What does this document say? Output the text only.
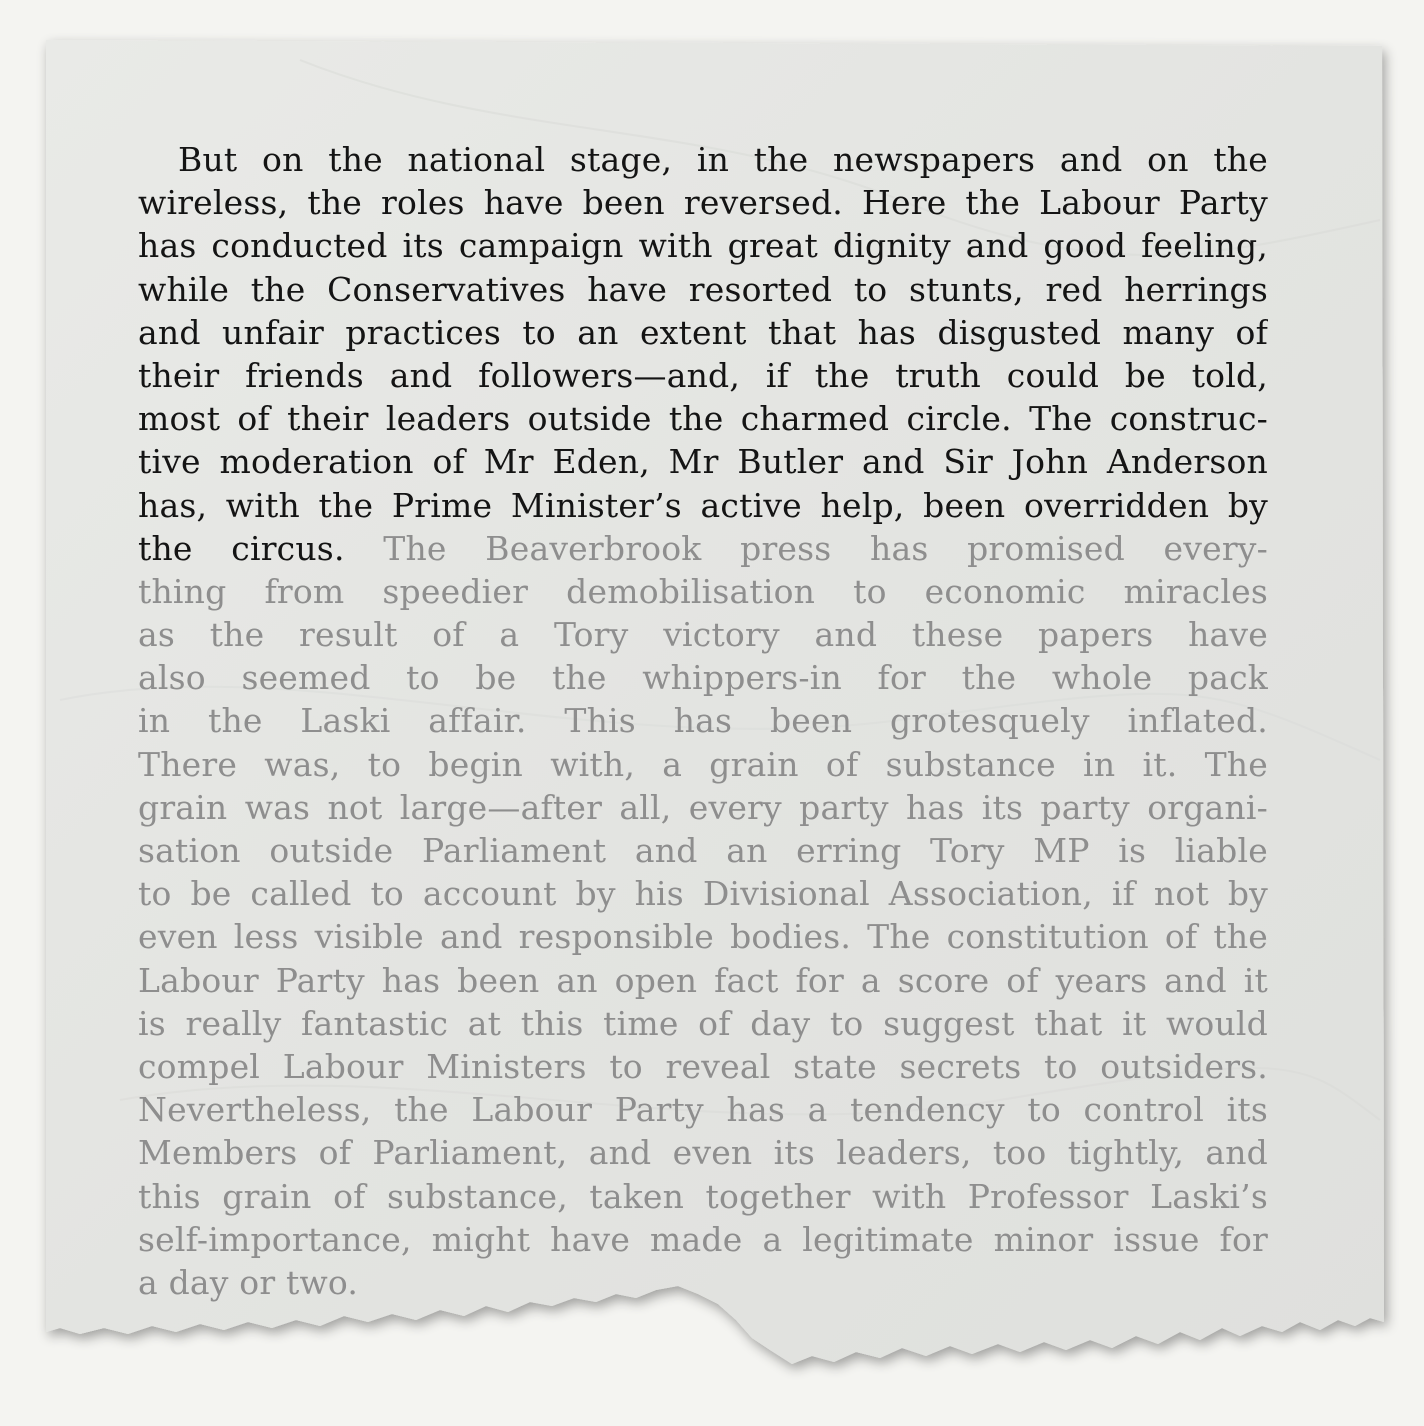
But on the national stage, in the newspapers and on the
wireless, the roles have been reversed. Here the Labour Party
has conducted its campaign with great dignity and good feeling,
while the Conservatives have resorted to stunts, red herrings
and unfair practices to an extent that has disgusted many of
their friends and followers—and, if the truth could be told,
most of their leaders outside the charmed circle. The construc-
tive moderation of Mr Eden, Mr Butler and Sir John Anderson
has, with the Prime Minister’s active help, been overridden by
the circus. The Beaverbrook press has promised every-
thing from speedier demobilisation to economic miracles
as the result of a Tory victory and these papers have
also seemed to be the whippers-in for the whole pack
in the Laski affair. This has been grotesquely inflated.
There was, to begin with, a grain of substance in it. The
grain was not large—after all, every party has its party organi-
sation outside Parliament and an erring Tory MP is liable
to be called to account by his Divisional Association, if not by
even less visible and responsible bodies. The constitution of the
Labour Party has been an open fact for a score of years and it
is really fantastic at this time of day to suggest that it would
compel Labour Ministers to reveal state secrets to outsiders.
Nevertheless, the Labour Party has a tendency to control its
Members of Parliament, and even its leaders, too tightly, and
this grain of substance, taken together with Professor Laski’s
self-importance, might have made a legitimate minor issue for
a day or two.
